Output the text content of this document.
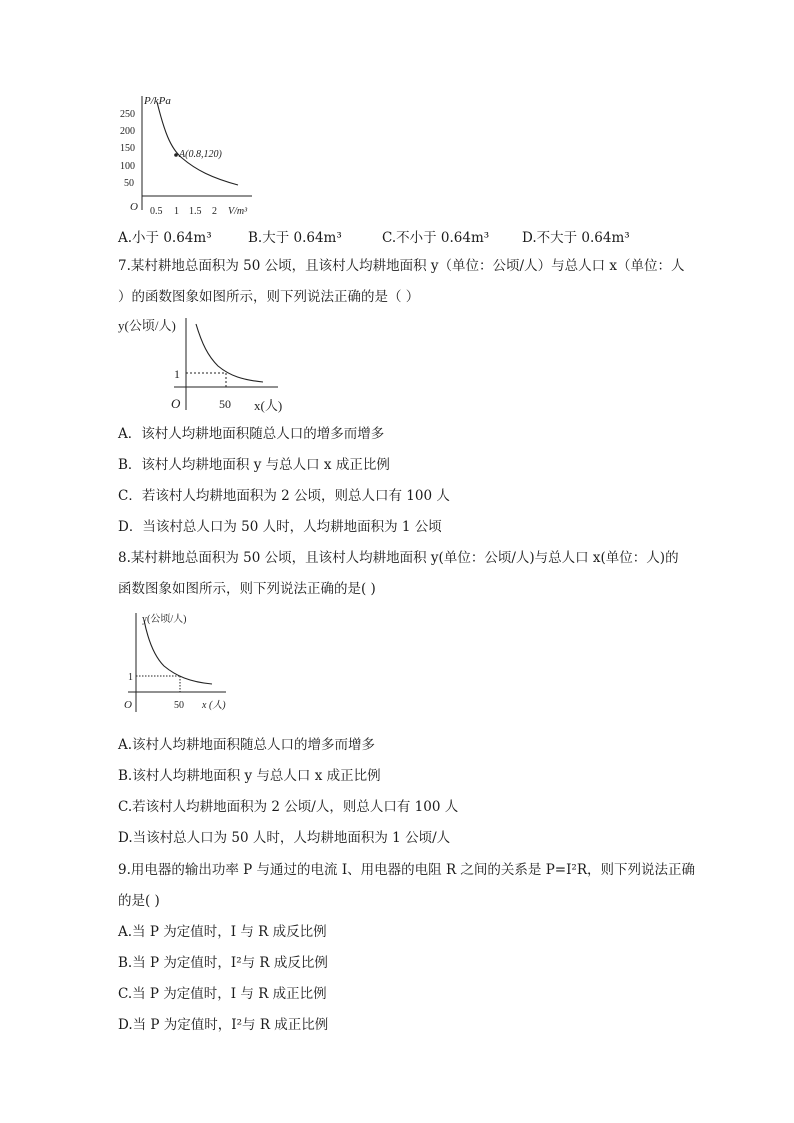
P/kPa
O	V/m³
250
200
150
100
50
0.5 1 1.5 2
A(0.8,120)
A.小于 0.64m³	B.大于 0.64m³	C.不小于 0.64m³ D.不大于 0.64m³
7.某村耕地总面积为 50 公顷，且该村人均耕地面积 y（单位：公顷/人）与总人口 x（单位：人
）的函数图象如图所示，则下列说法正确的是（ ）
y(公顷/人)
1
O	50 x(人)
A．该村人均耕地面积随总人口的增多而增多
B．该村人均耕地面积 y 与总人口 x 成正比例
C．若该村人均耕地面积为 2 公顷，则总人口有 100 人
D．当该村总人口为 50 人时，人均耕地面积为 1 公顷
8.某村耕地总面积为 50 公顷，且该村人均耕地面积 y(单位：公顷/人)与总人口 x(单位：人)的
函数图象如图所示，则下列说法正确的是( )
y(公顷/人)
1
O	50 x (人)
A.该村人均耕地面积随总人口的增多而增多
B.该村人均耕地面积 y 与总人口 x 成正比例
C.若该村人均耕地面积为 2 公顷/人，则总人口有 100 人
D.当该村总人口为 50 人时，人均耕地面积为 1 公顷/人
9.用电器的输出功率 P 与通过的电流 I、用电器的电阻 R 之间的关系是 P=I²R，则下列说法正确
的是( )
A.当 P 为定值时，I 与 R 成反比例
B.当 P 为定值时，I²与 R 成反比例
C.当 P 为定值时，I 与 R 成正比例
D.当 P 为定值时，I²与 R 成正比例
